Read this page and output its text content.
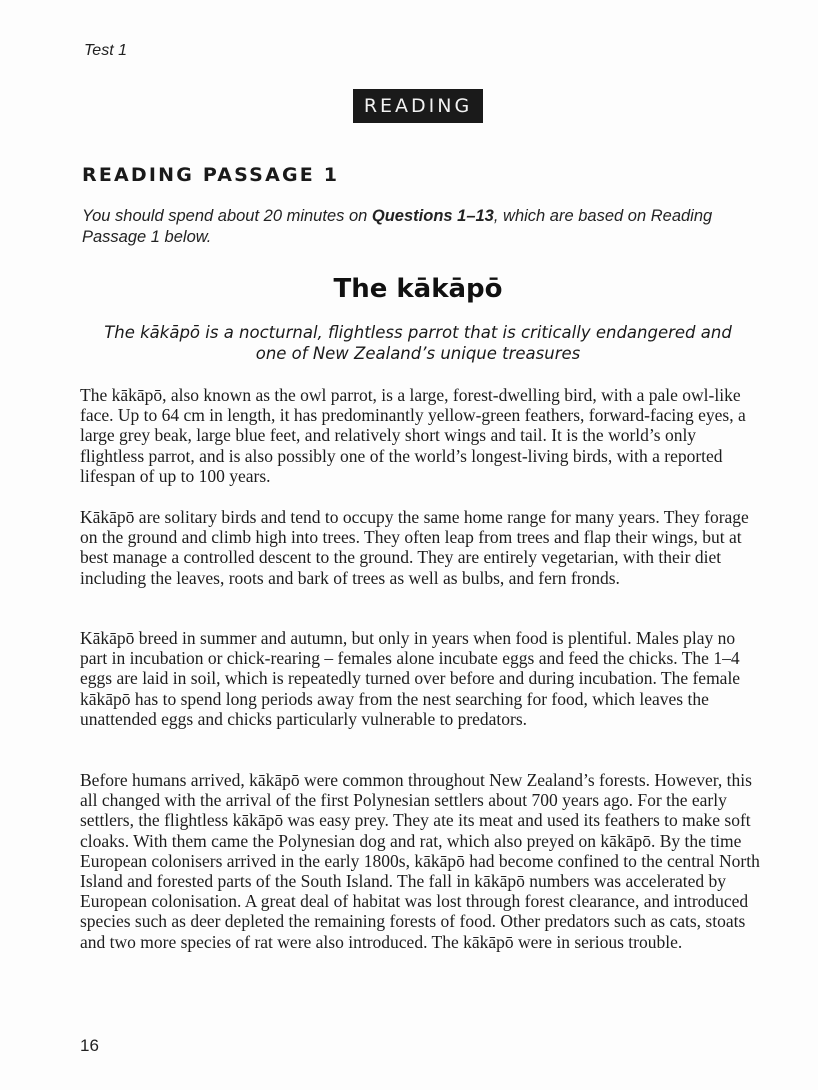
Test 1
READING
READING PASSAGE 1
You should spend about 20 minutes on Questions 1–13, which are based on Reading Passage 1 below.
The kākāpō
The kākāpō is a nocturnal, flightless parrot that is critically endangered and one of New Zealand’s unique treasures

The kākāpō, also known as the owl parrot, is a large, forest-dwelling bird, with a pale owl-like face. Up to 64 cm in length, it has predominantly yellow-green feathers, forward-facing eyes, a large grey beak, large blue feet, and relatively short wings and tail. It is the world’s only flightless parrot, and is also possibly one of the world’s longest-living birds, with a reported lifespan of up to 100 years.

Kākāpō are solitary birds and tend to occupy the same home range for many years. They forage on the ground and climb high into trees. They often leap from trees and flap their wings, but at best manage a controlled descent to the ground. They are entirely vegetarian, with their diet including the leaves, roots and bark of trees as well as bulbs, and fern fronds.

Kākāpō breed in summer and autumn, but only in years when food is plentiful. Males play no part in incubation or chick-rearing – females alone incubate eggs and feed the chicks. The 1–4 eggs are laid in soil, which is repeatedly turned over before and during incubation. The female kākāpō has to spend long periods away from the nest searching for food, which leaves the unattended eggs and chicks particularly vulnerable to predators.

Before humans arrived, kākāpō were common throughout New Zealand’s forests. However, this all changed with the arrival of the first Polynesian settlers about 700 years ago. For the early settlers, the flightless kākāpō was easy prey. They ate its meat and used its feathers to make soft cloaks. With them came the Polynesian dog and rat, which also preyed on kākāpō. By the time European colonisers arrived in the early 1800s, kākāpō had become confined to the central North Island and forested parts of the South Island. The fall in kākāpō numbers was accelerated by European colonisation. A great deal of habitat was lost through forest clearance, and introduced species such as deer depleted the remaining forests of food. Other predators such as cats, stoats and two more species of rat were also introduced. The kākāpō were in serious trouble.

16
